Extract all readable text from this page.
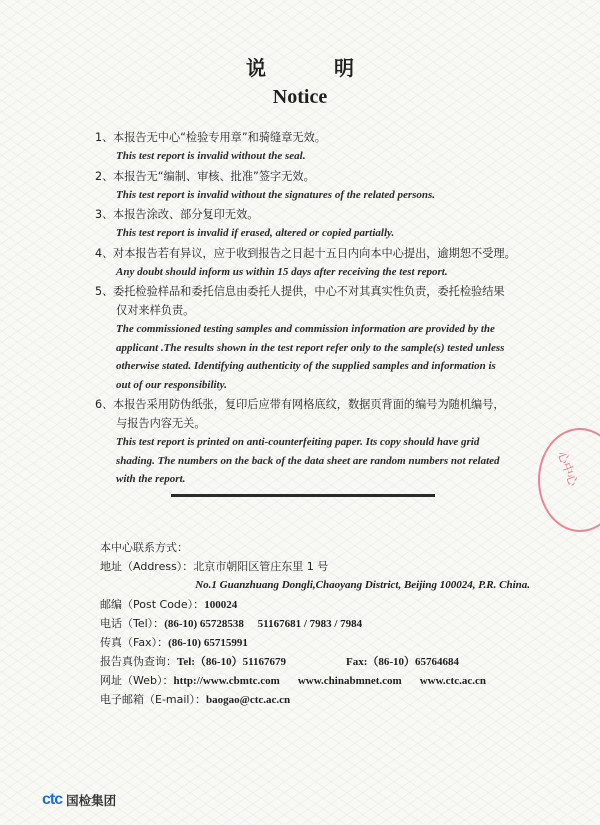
说　明
Notice
1、本报告无中心“检验专用章”和骑缝章无效。
This test report is invalid without the seal.
2、本报告无“编制、审核、批准”签字无效。
This test report is invalid without the signatures of the related persons.
3、本报告涂改、部分复印无效。
This test report is invalid if erased, altered or copied partially.
4、对本报告若有异议，应于收到报告之日起十五日内向本中心提出，逾期恕不受理。
Any doubt should inform us within 15 days after receiving the test report.
5、委托检验样品和委托信息由委托人提供，中心不对其真实性负责，委托检验结果
仅对来样负责。
The commissioned testing samples and commission information are provided by the
applicant .The results shown in the test report refer only to the sample(s) tested unless
otherwise stated. Identifying authenticity of the supplied samples and information is
out of our responsibility.
6、本报告采用防伪纸张，复印后应带有网格底纹，数据页背面的编号为随机编号，
与报告内容无关。
This test report is printed on anti-counterfeiting paper. Its copy should have grid
shading. The numbers on the back of the data sheet are random numbers not related
with the report.	心中心
本中心联系方式：
地址（Address）：北京市朝阳区管庄东里 1 号
No.1 Guanzhuang Dongli,Chaoyang District, Beijing 100024, P.R. China.
邮编（Post Code）：100024
电话（Tel）：(86-10) 65728538　 51167681 / 7983 / 7984
传真（Fax）：(86-10) 65715991
报告真伪查询：Tel:（86-10）51167679	Fax:（86-10）65764684
网址（Web）：http://www.cbmtc.com www.chinabmnet.com www.ctc.ac.cn
电子邮箱（E-mail）：baogao@ctc.ac.cn
ctc 国检集团
